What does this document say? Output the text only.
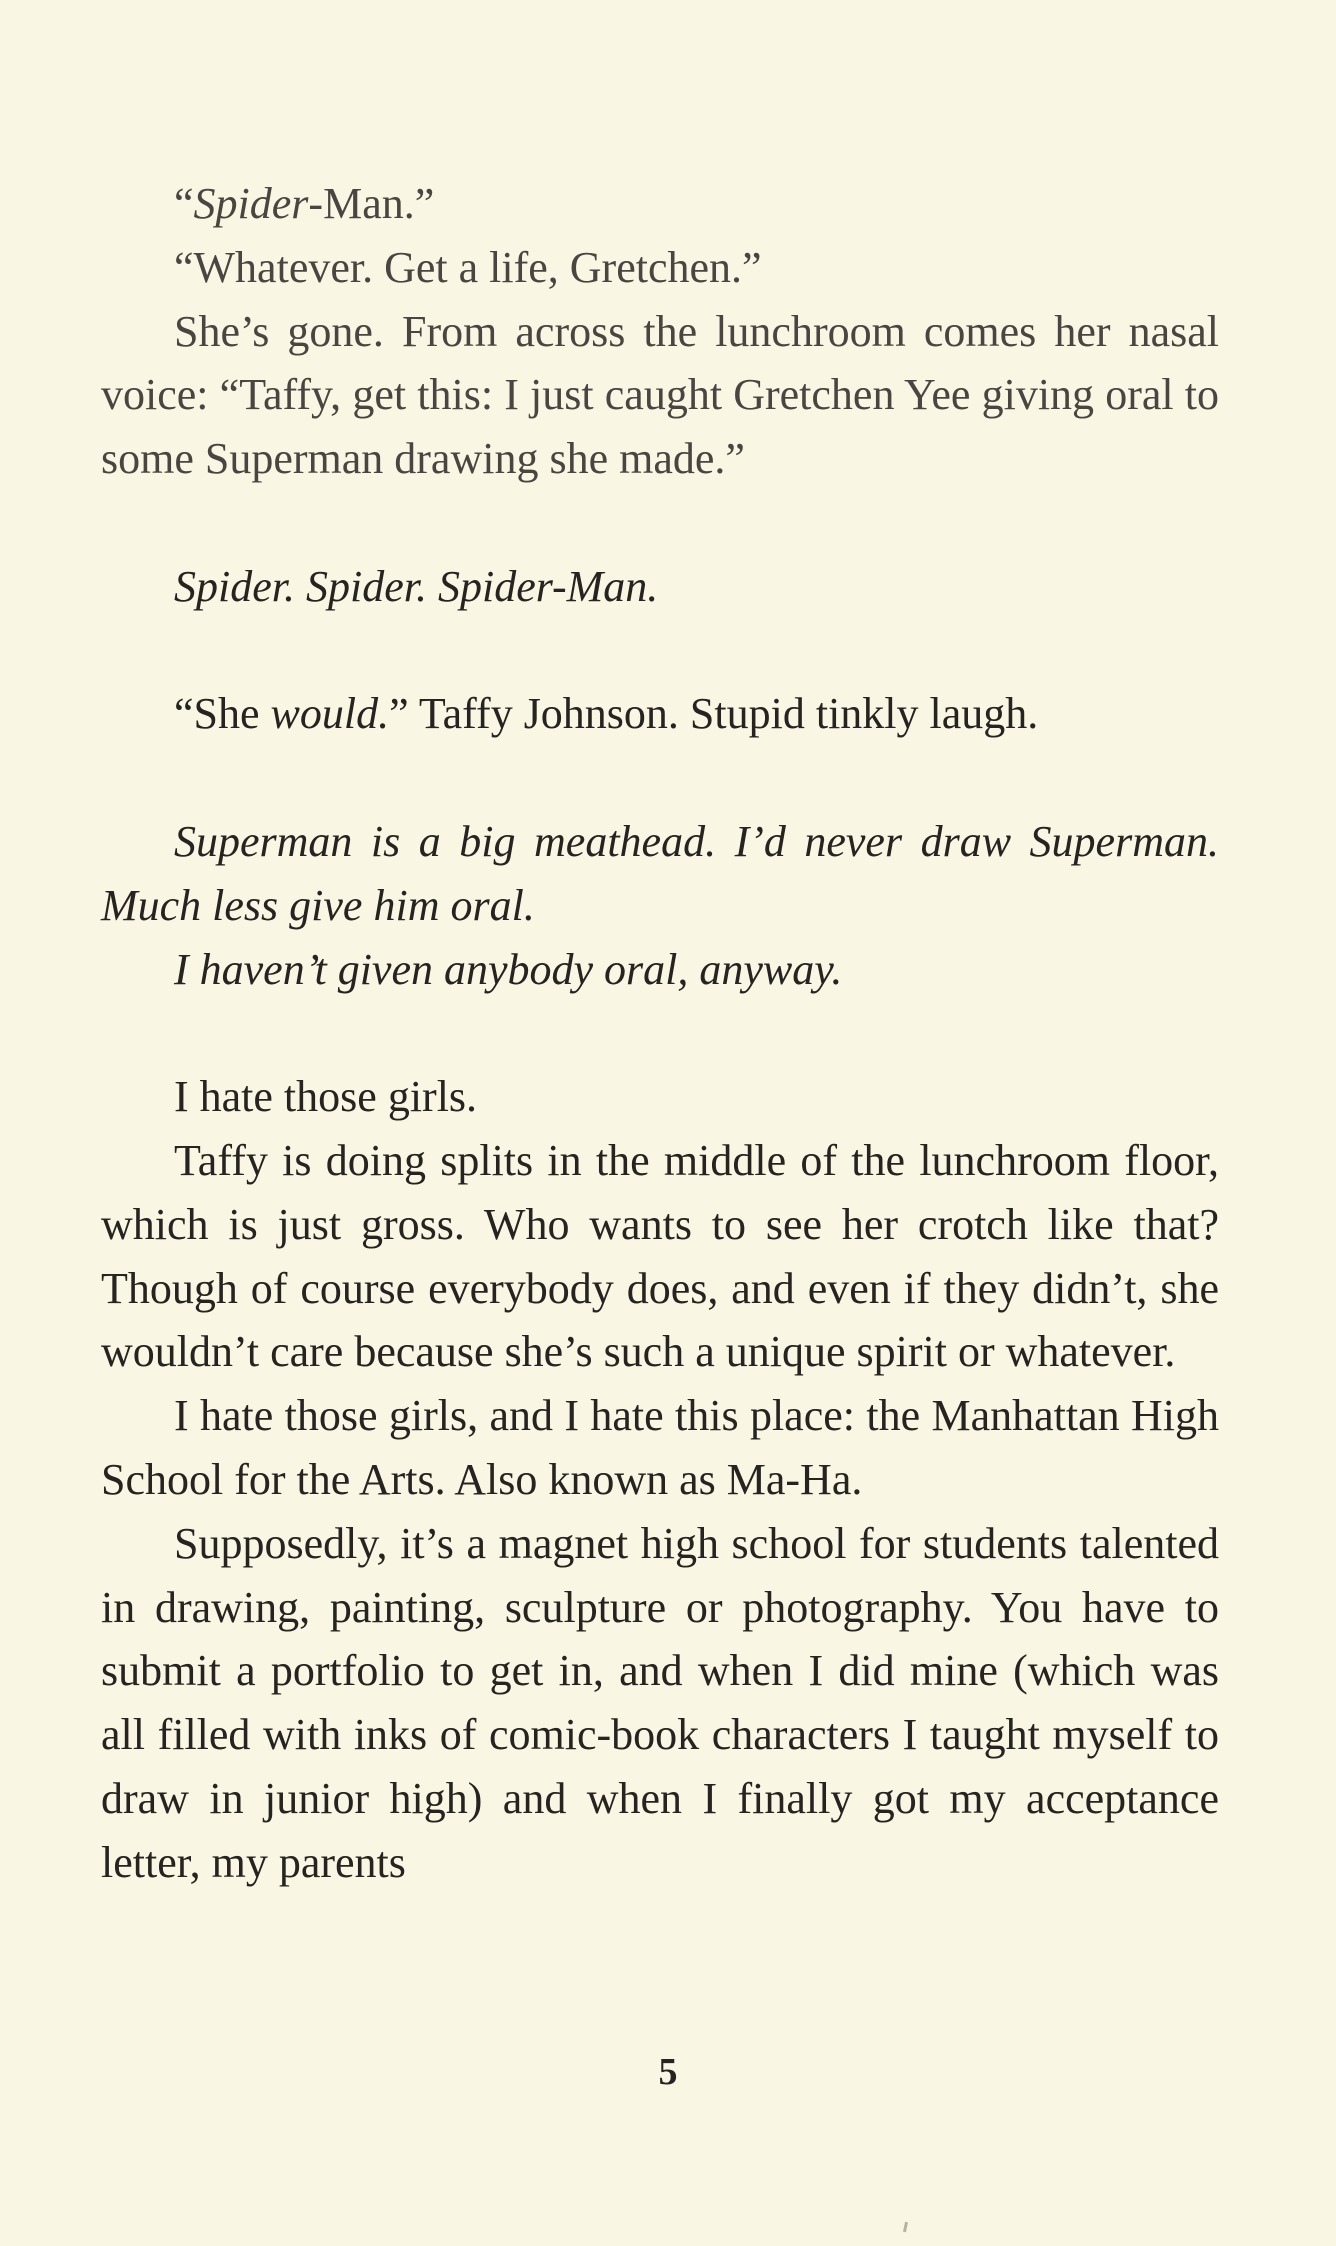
“Spider-Man.”

“Whatever. Get a life, Gretchen.”

She’s gone. From across the lunchroom comes her nasal voice: “Taffy, get this: I just caught Gretchen Yee giving oral to some Superman drawing she made.”

Spider. Spider. Spider-Man.

“She would.” Taffy Johnson. Stupid tinkly laugh.

Superman is a big meathead. I’d never draw Superman. Much less give him oral.

I haven’t given anybody oral, anyway.

I hate those girls.

Taffy is doing splits in the middle of the lunchroom floor, which is just gross. Who wants to see her crotch like that? Though of course everybody does, and even if they didn’t, she wouldn’t care because she’s such a unique spirit or whatever.

I hate those girls, and I hate this place: the Manhattan High School for the Arts. Also known as Ma-Ha.

Supposedly, it’s a magnet high school for students talented in drawing, painting, sculpture or photography. You have to submit a portfolio to get in, and when I did mine (which was all filled with inks of comic-book characters I taught myself to draw in junior high) and when I finally got my acceptance letter, my parents

5
